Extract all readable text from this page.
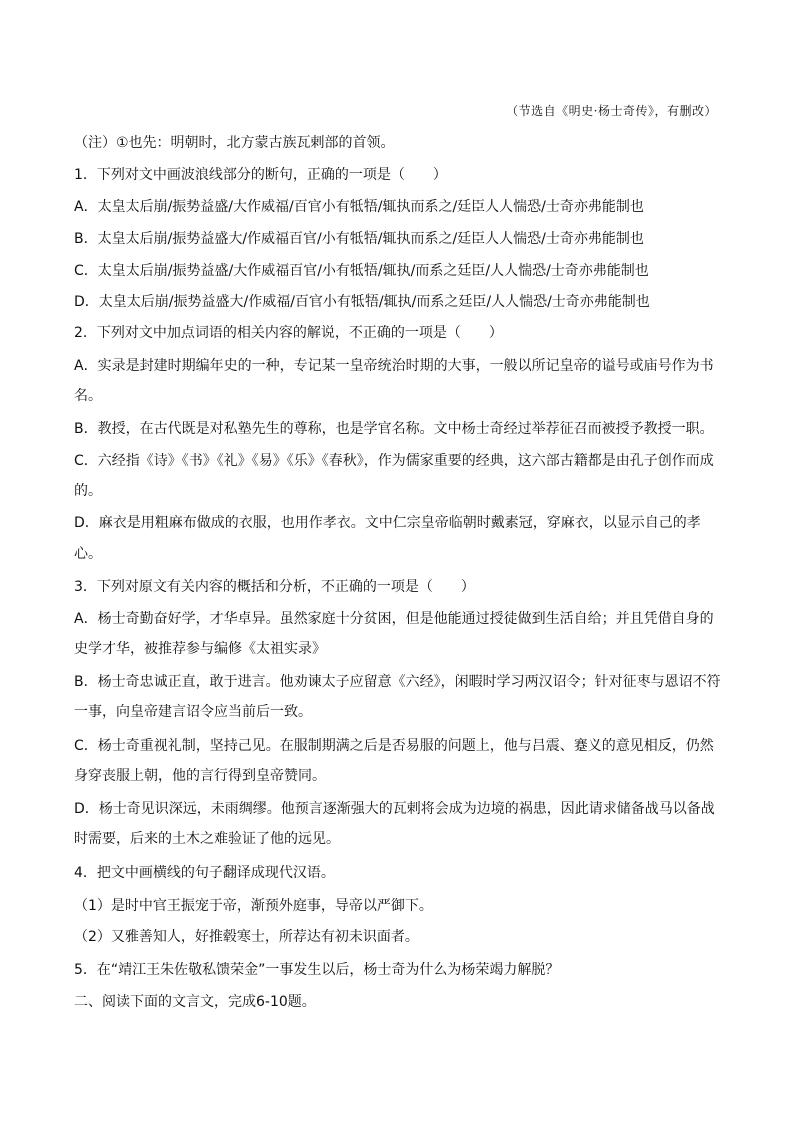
（节选自《明史·杨士奇传》，有删改）
（注）①也先：明朝时，北方蒙古族瓦剌部的首领。
1．下列对文中画波浪线部分的断句，正确的一项是（　　）
A．太皇太后崩/振势益盛/大作威福/百官小有牴牾/辄执而系之/廷臣人人惴恐/士奇亦弗能制也
B．太皇太后崩/振势益盛大/作威福百官/小有牴牾/辄执而系之/廷臣人人惴恐/士奇亦弗能制也
C．太皇太后崩/振势益盛/大作威福百官/小有牴牾/辄执/而系之廷臣/人人惴恐/士奇亦弗能制也
D．太皇太后崩/振势益盛大/作威福/百官小有牴牾/辄执/而系之廷臣/人人惴恐/士奇亦弗能制也
2．下列对文中加点词语的相关内容的解说，不正确的一项是（　　）
A．实录是封建时期编年史的一种，专记某一皇帝统治时期的大事，一般以所记皇帝的谥号或庙号作为书
名。
B．教授，在古代既是对私塾先生的尊称，也是学官名称。文中杨士奇经过举荐征召而被授予教授一职。
C．六经指《诗》《书》《礼》《易》《乐》《春秋》，作为儒家重要的经典，这六部古籍都是由孔子创作而成
的。
D．麻衣是用粗麻布做成的衣服，也用作孝衣。文中仁宗皇帝临朝时戴素冠，穿麻衣，以显示自己的孝
心。
3．下列对原文有关内容的概括和分析，不正确的一项是（　　）
A．杨士奇勤奋好学，才华卓异。虽然家庭十分贫困，但是他能通过授徒做到生活自给；并且凭借自身的
史学才华，被推荐参与编修《太祖实录》
B．杨士奇忠诚正直，敢于进言。他劝谏太子应留意《六经》，闲暇时学习两汉诏令；针对征枣与恩诏不符
一事，向皇帝建言诏令应当前后一致。
C．杨士奇重视礼制，坚持己见。在服制期满之后是否易服的问题上，他与吕震、蹇义的意见相反，仍然
身穿丧服上朝，他的言行得到皇帝赞同。
D．杨士奇见识深远，未雨绸缪。他预言逐渐强大的瓦剌将会成为边境的祸患，因此请求储备战马以备战
时需要，后来的土木之难验证了他的远见。
4．把文中画横线的句子翻译成现代汉语。
（1）是时中官王振宠于帝，渐预外庭事，导帝以严御下。
（2）又雅善知人，好推毂寒士，所荐达有初未识面者。
5．在“靖江王朱佐敬私馈荣金”一事发生以后，杨士奇为什么为杨荣竭力解脱？
二、阅读下面的文言文，完成6-10题。
